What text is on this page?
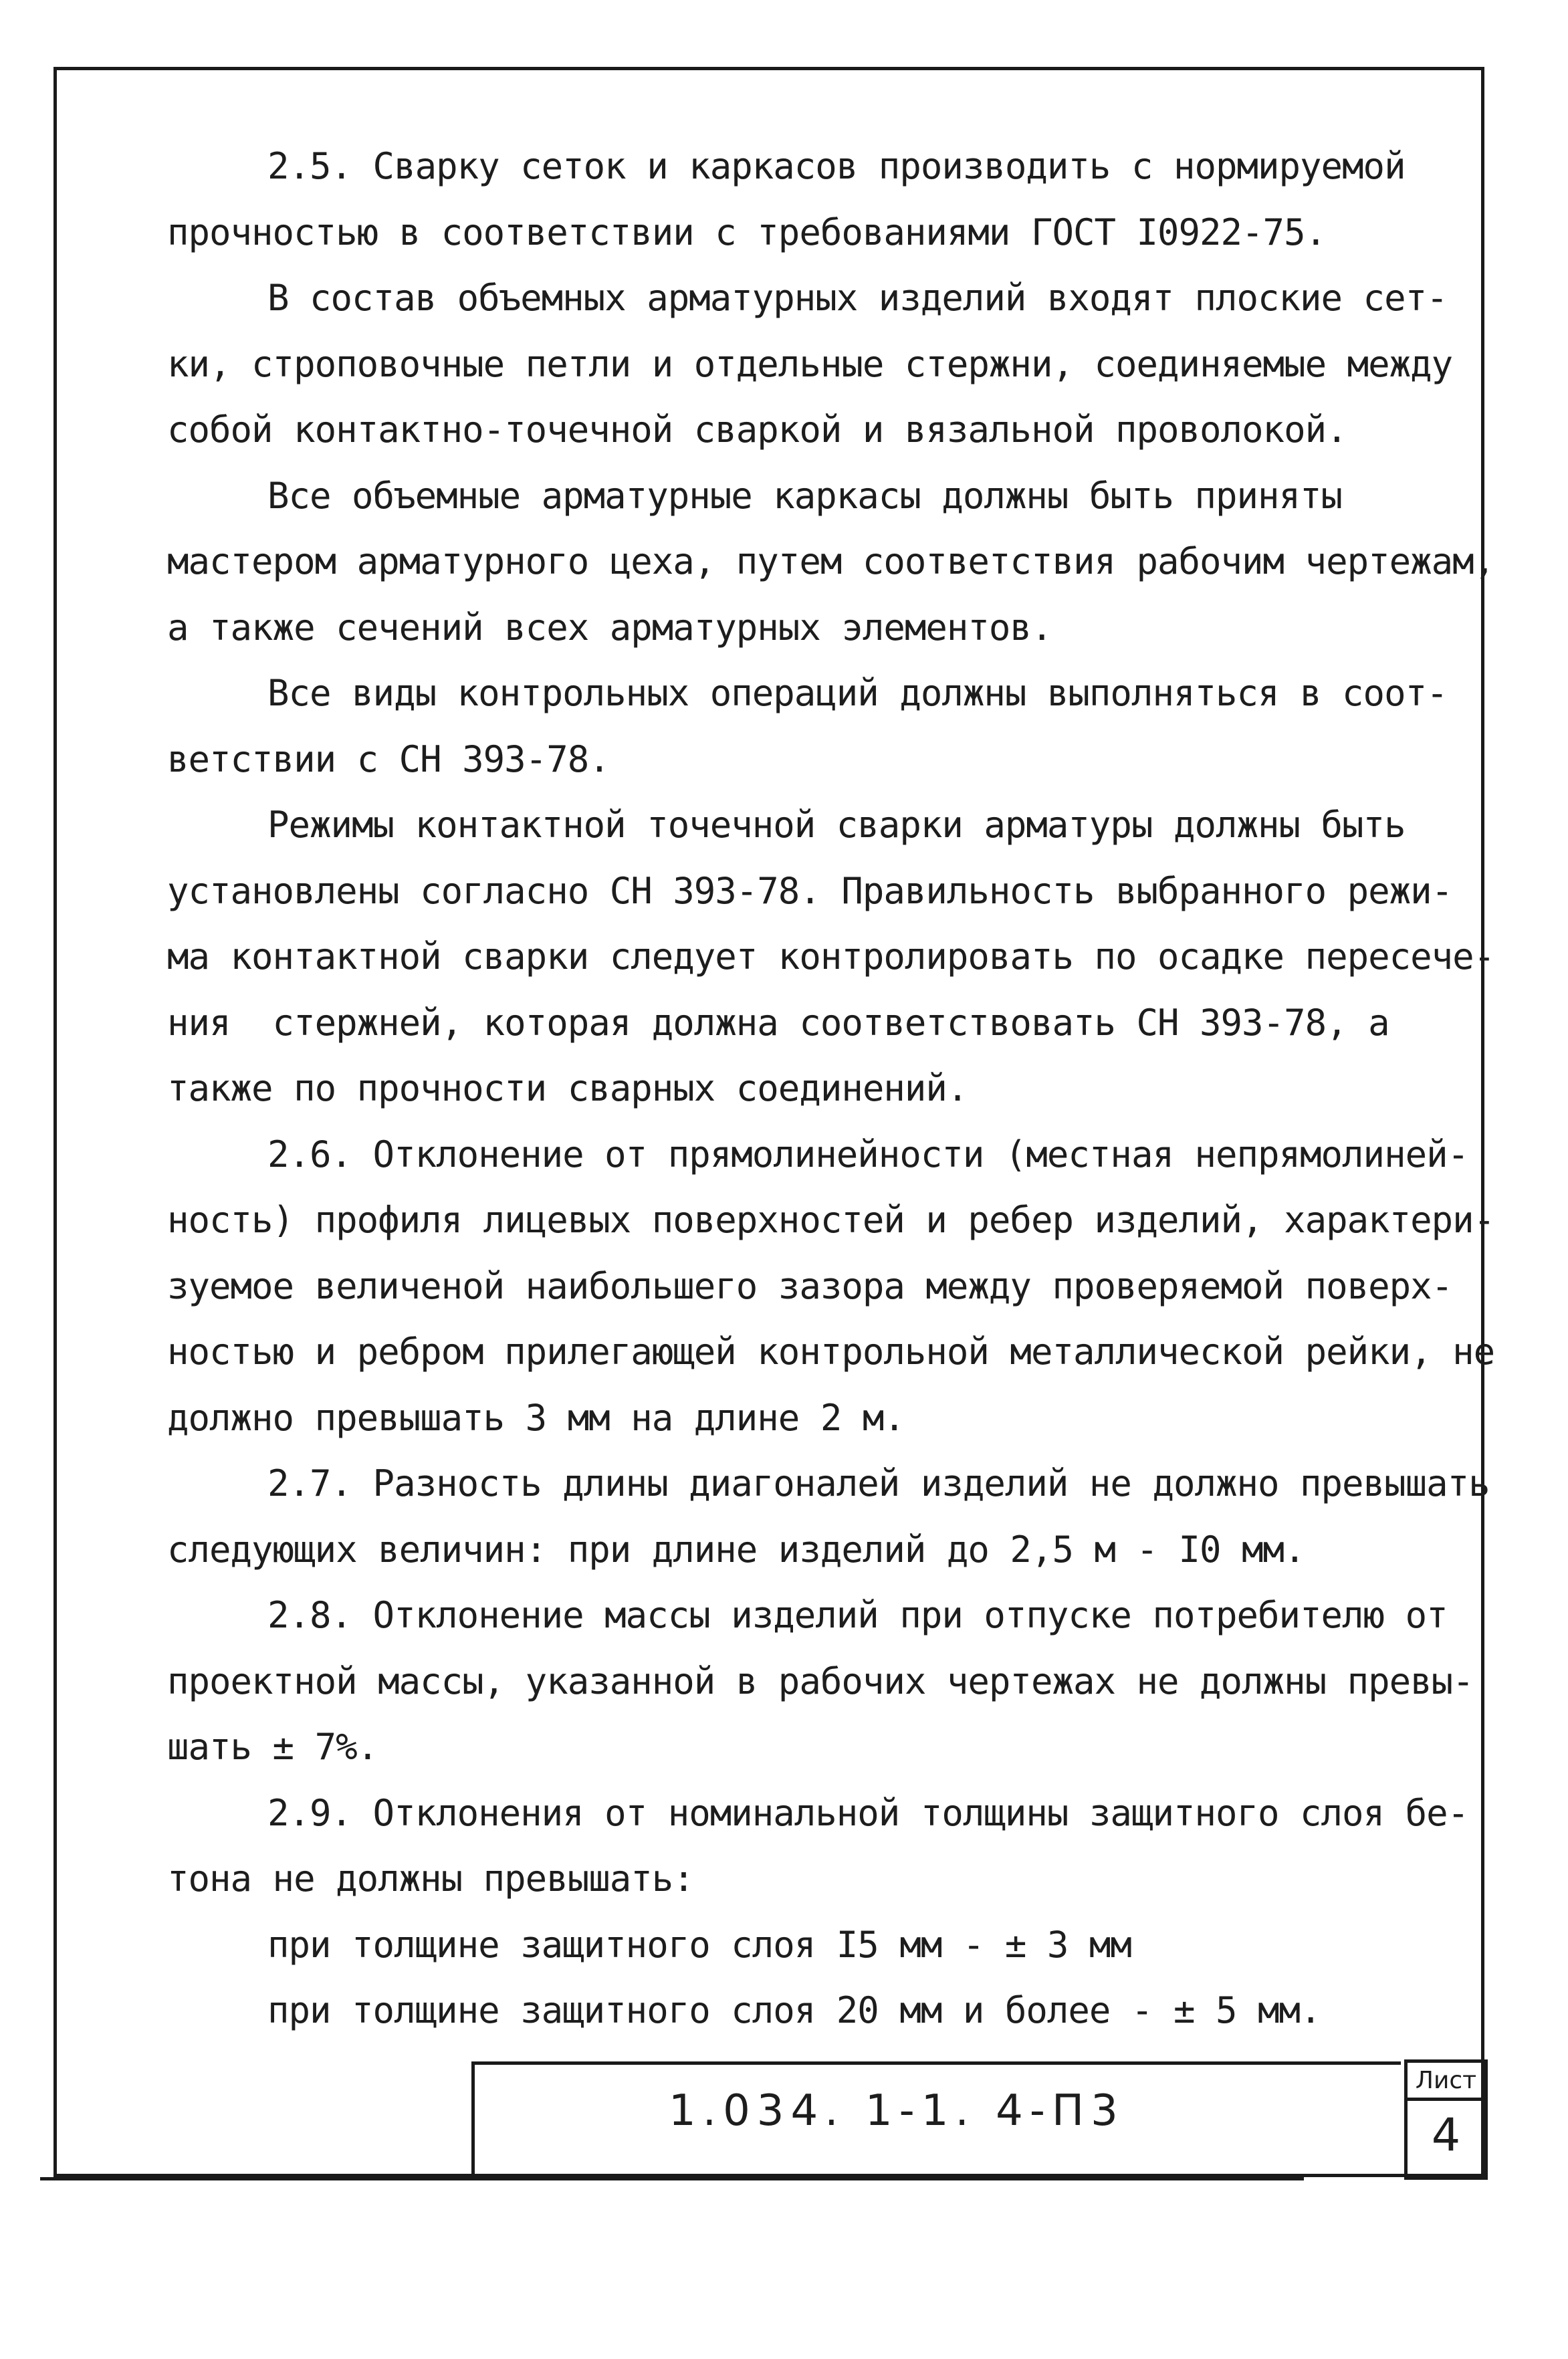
2.5. Сварку сеток и каркасов производить с нормируемой
прочностью в соответствии с требованиями ГОСТ I0922-75.
В состав объемных арматурных изделий входят плоские сет-
ки, строповочные петли и отдельные стержни, соединяемые между
собой контактно-точечной сваркой и вязальной проволокой.
Все объемные арматурные каркасы должны быть приняты
мастером арматурного цеха, путем соответствия рабочим чертежам,
а также сечений всех арматурных элементов.
Все виды контрольных операций должны выполняться в соот-
ветствии с СН 393-78.
Режимы контактной точечной сварки арматуры должны быть
установлены согласно СН 393-78. Правильность выбранного режи-
ма контактной сварки следует контролировать по осадке пересече-
ния  стержней, которая должна соответствовать СН 393-78, а
также по прочности сварных соединений.
2.6. Отклонение от прямолинейности (местная непрямолиней-
ность) профиля лицевых поверхностей и ребер изделий, характери-
зуемое величеной наибольшего зазора между проверяемой поверх-
ностью и ребром прилегающей контрольной металлической рейки, не
должно превышать 3 мм на длине 2 м.
2.7. Разность длины диагоналей изделий не должно превышать
следующих величин: при длине изделий до 2,5 м - I0 мм.
2.8. Отклонение массы изделий при отпуске потребителю от
проектной массы, указанной в рабочих чертежах не должны превы-
шать ± 7%.
2.9. Отклонения от номинальной толщины защитного слоя бе-
тона не должны превышать:
при толщине защитного слоя I5 мм - ± 3 мм
при толщине защитного слоя 20 мм и более - ± 5 мм.
1.034. 1-1. 4-П3
Лист
4
